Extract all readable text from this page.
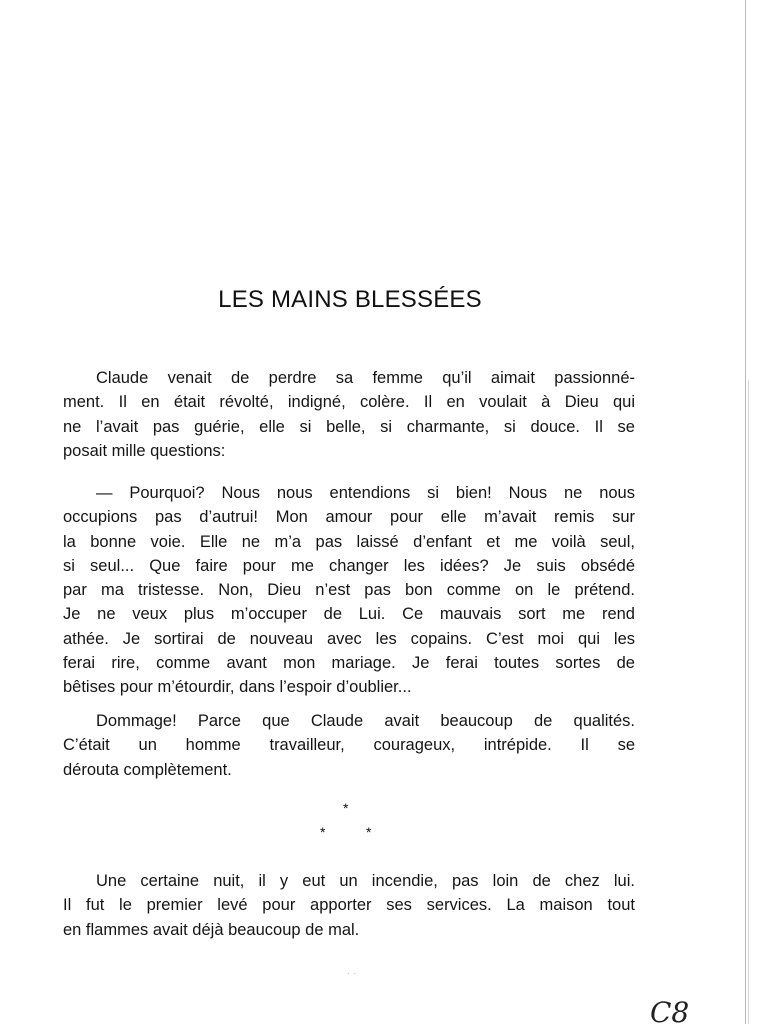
LES MAINS BLESSÉES
Claude venait de perdre sa femme qu’il aimait passionné-
ment. Il en était révolté, indigné, colère. Il en voulait à Dieu qui
ne l’avait pas guérie, elle si belle, si charmante, si douce. Il se
posait mille questions:
— Pourquoi? Nous nous entendions si bien! Nous ne nous
occupions pas d’autrui! Mon amour pour elle m’avait remis sur
la bonne voie. Elle ne m’a pas laissé d’enfant et me voilà seul,
si seul... Que faire pour me changer les idées? Je suis obsédé
par ma tristesse. Non, Dieu n’est pas bon comme on le prétend.
Je ne veux plus m’occuper de Lui. Ce mauvais sort me rend
athée. Je sortirai de nouveau avec les copains. C’est moi qui les
ferai rire, comme avant mon mariage. Je ferai toutes sortes de
bêtises pour m’étourdir, dans l’espoir d’oublier...
Dommage! Parce que Claude avait beaucoup de qualités.
C’était un homme travailleur, courageux, intrépide. Il se
dérouta complètement.
*
*	*
Une certaine nuit, il y eut un incendie, pas loin de chez lui.
Il fut le premier levé pour apporter ses services. La maison tout
en flammes avait déjà beaucoup de mal.
· ·
C8
